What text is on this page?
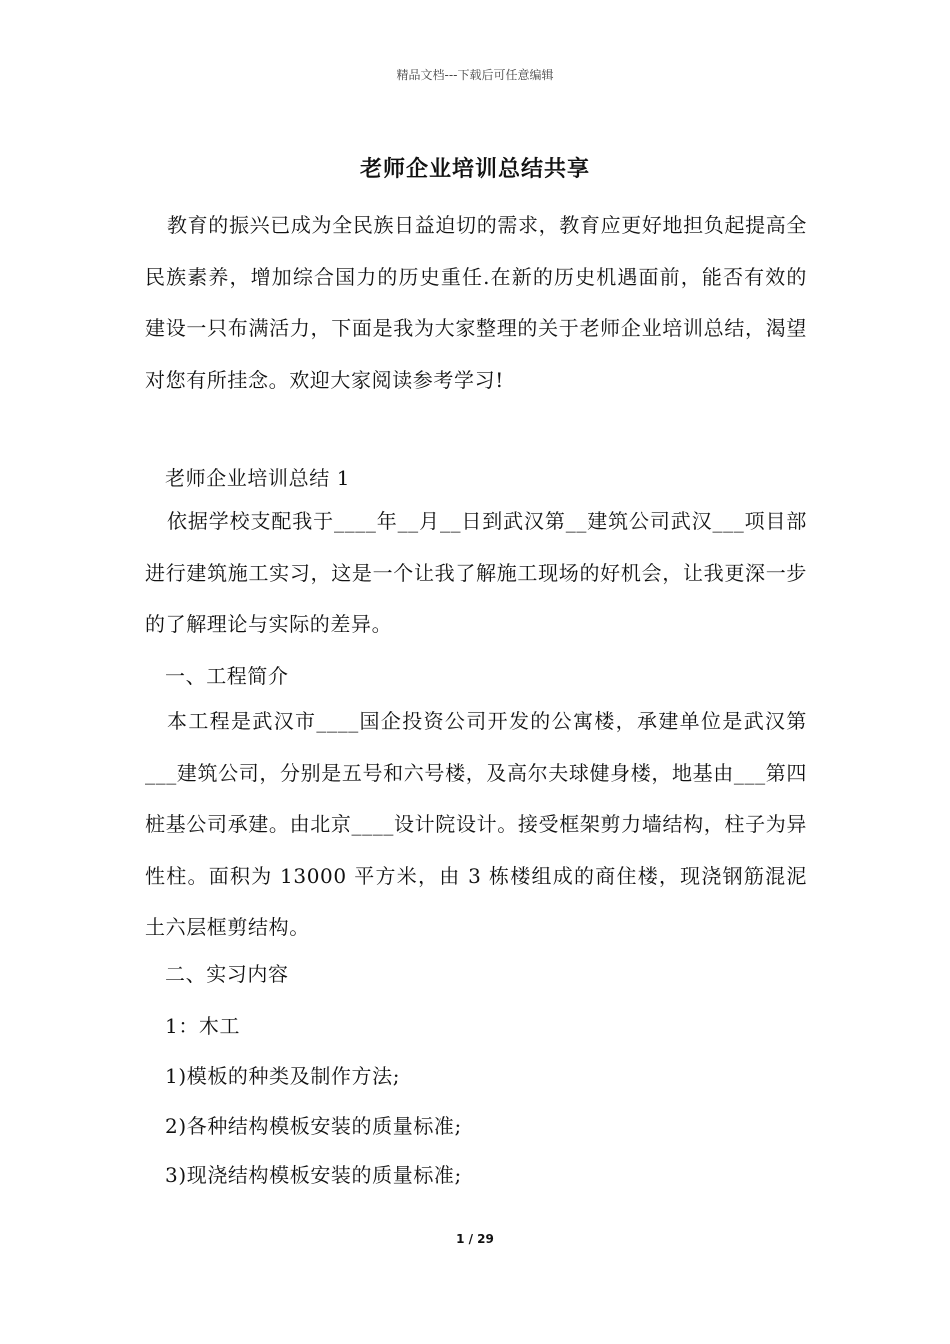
精品文档---下载后可任意编辑
老师企业培训总结共享

教育的振兴已成为全民族日益迫切的需求，教育应更好地担负起提高全民族素养，增加综合国力的历史重任.在新的历史机遇面前，能否有效的建设一只布满活力，下面是我为大家整理的关于老师企业培训总结，渴望对您有所挂念。欢迎大家阅读参考学习!

老师企业培训总结 1

依据学校支配我于____年__月__日到武汉第__建筑公司武汉___项目部进行建筑施工实习，这是一个让我了解施工现场的好机会，让我更深一步的了解理论与实际的差异。

一、工程简介

本工程是武汉市____国企投资公司开发的公寓楼，承建单位是武汉第___建筑公司，分别是五号和六号楼，及高尔夫球健身楼，地基由___第四桩基公司承建。由北京____设计院设计。接受框架剪力墙结构，柱子为异性柱。面积为 13000 平方米，由 3 栋楼组成的商住楼，现浇钢筋混泥土六层框剪结构。

二、实习内容
1：木工
1)模板的种类及制作方法;
2)各种结构模板安装的质量标准;
3)现浇结构模板安装的质量标准;
1 / 29
